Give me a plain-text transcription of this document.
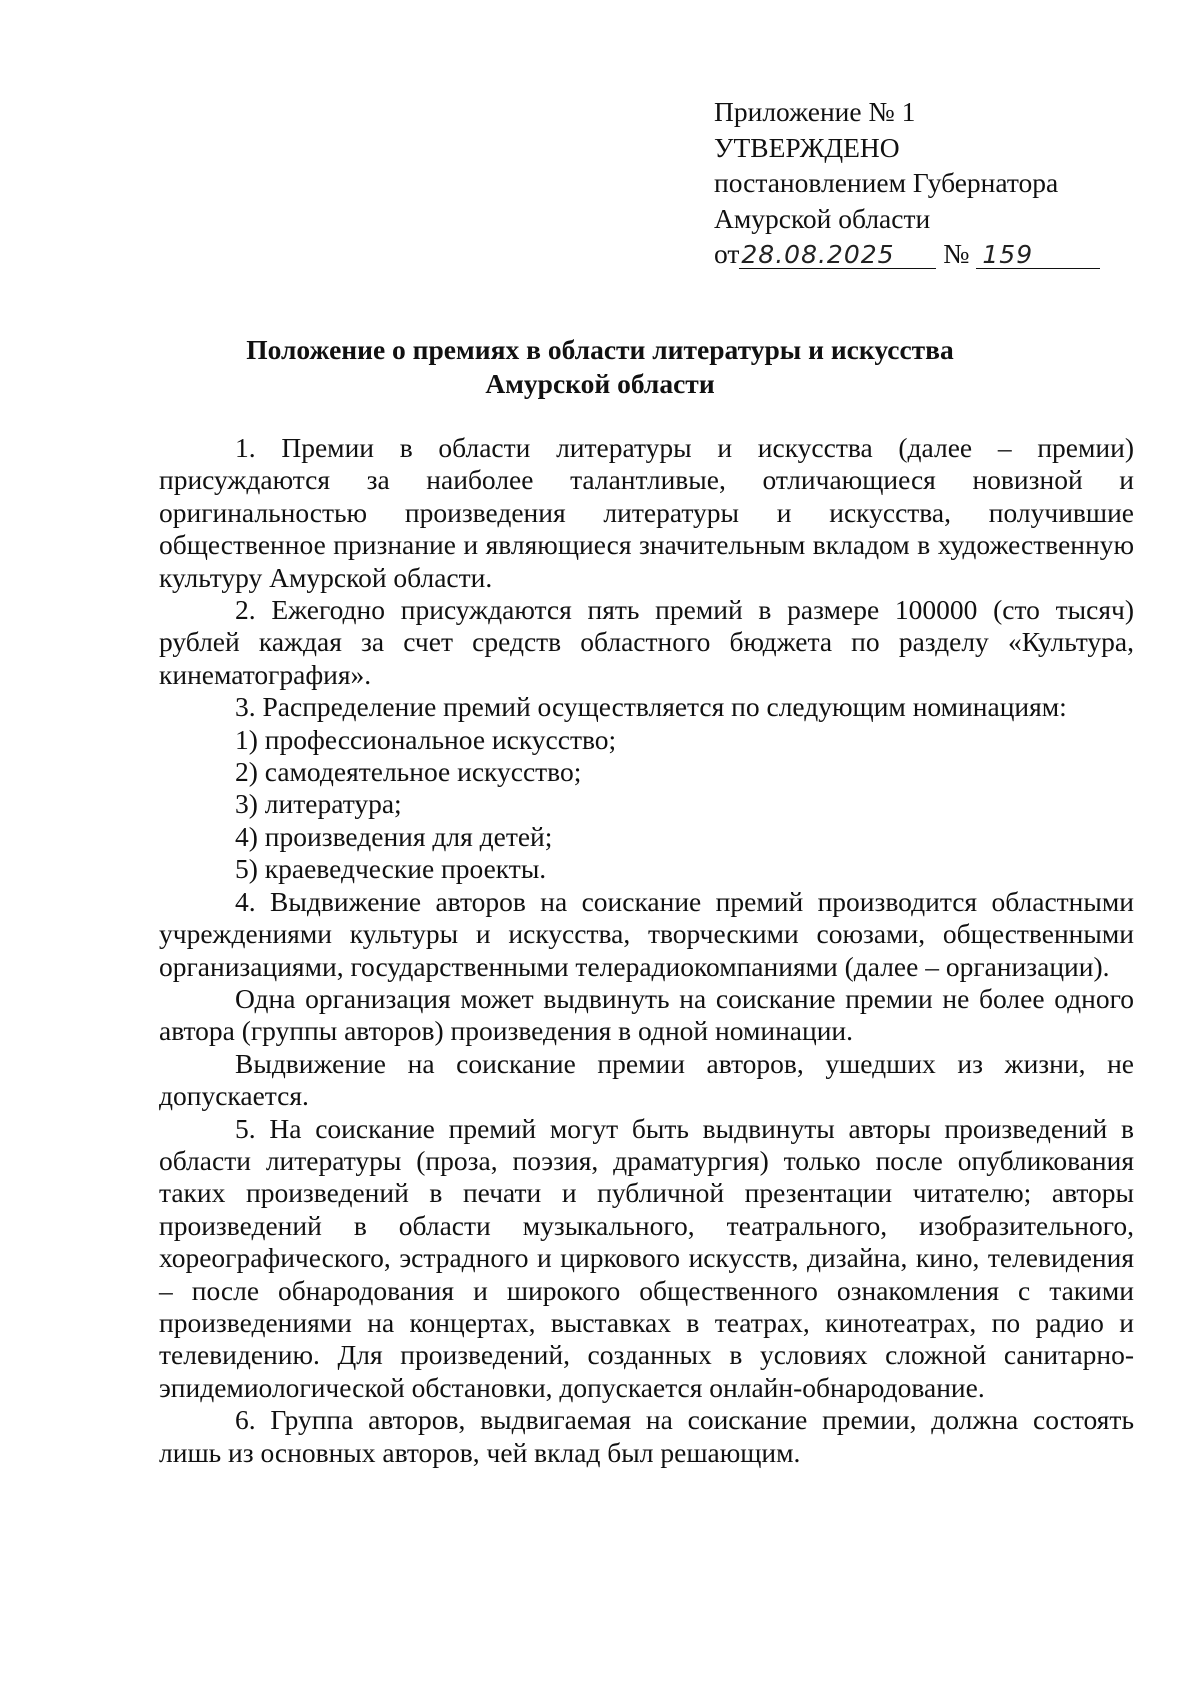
Приложение № 1
УТВЕРЖДЕНО
постановлением Губернатора
Амурской области
от28.08.2025 № 159
Положение о премиях в области литературы и искусства
Амурской области

1. Премии в области литературы и искусства (далее – премии) присуждаются за наиболее талантливые, отличающиеся новизной и оригинальностью произведения литературы и искусства, получившие общественное признание и являющиеся значительным вкладом в художественную культуру Амурской области.

2. Ежегодно присуждаются пять премий в размере 100000 (сто тысяч) рублей каждая за счет средств областного бюджета по разделу «Культура, кинематография».

3. Распределение премий осуществляется по следующим номинациям:

1) профессиональное искусство;

2) самодеятельное искусство;

3) литература;

4) произведения для детей;

5) краеведческие проекты.

4. Выдвижение авторов на соискание премий производится областными учреждениями культуры и искусства, творческими союзами, общественными организациями, государственными телерадиокомпаниями (далее – организации).

Одна организация может выдвинуть на соискание премии не более одного автора (группы авторов) произведения в одной номинации.

Выдвижение на соискание премии авторов, ушедших из жизни, не допускается.

5. На соискание премий могут быть выдвинуты авторы произведений в области литературы (проза, поэзия, драматургия) только после опубликования таких произведений в печати и публичной презентации читателю; авторы произведений в области музыкального, театрального, изобразительного, хореографического, эстрадного и циркового искусств, дизайна, кино, телевидения – после обнародования и широкого общественного ознакомления с такими произведениями на концертах, выставках в театрах, кинотеатрах, по радио и телевидению. Для произведений, созданных в условиях сложной санитарно-эпидемиологической обстановки, допускается онлайн-обнародование.

6. Группа авторов, выдвигаемая на соискание премии, должна состоять лишь из основных авторов, чей вклад был решающим.
